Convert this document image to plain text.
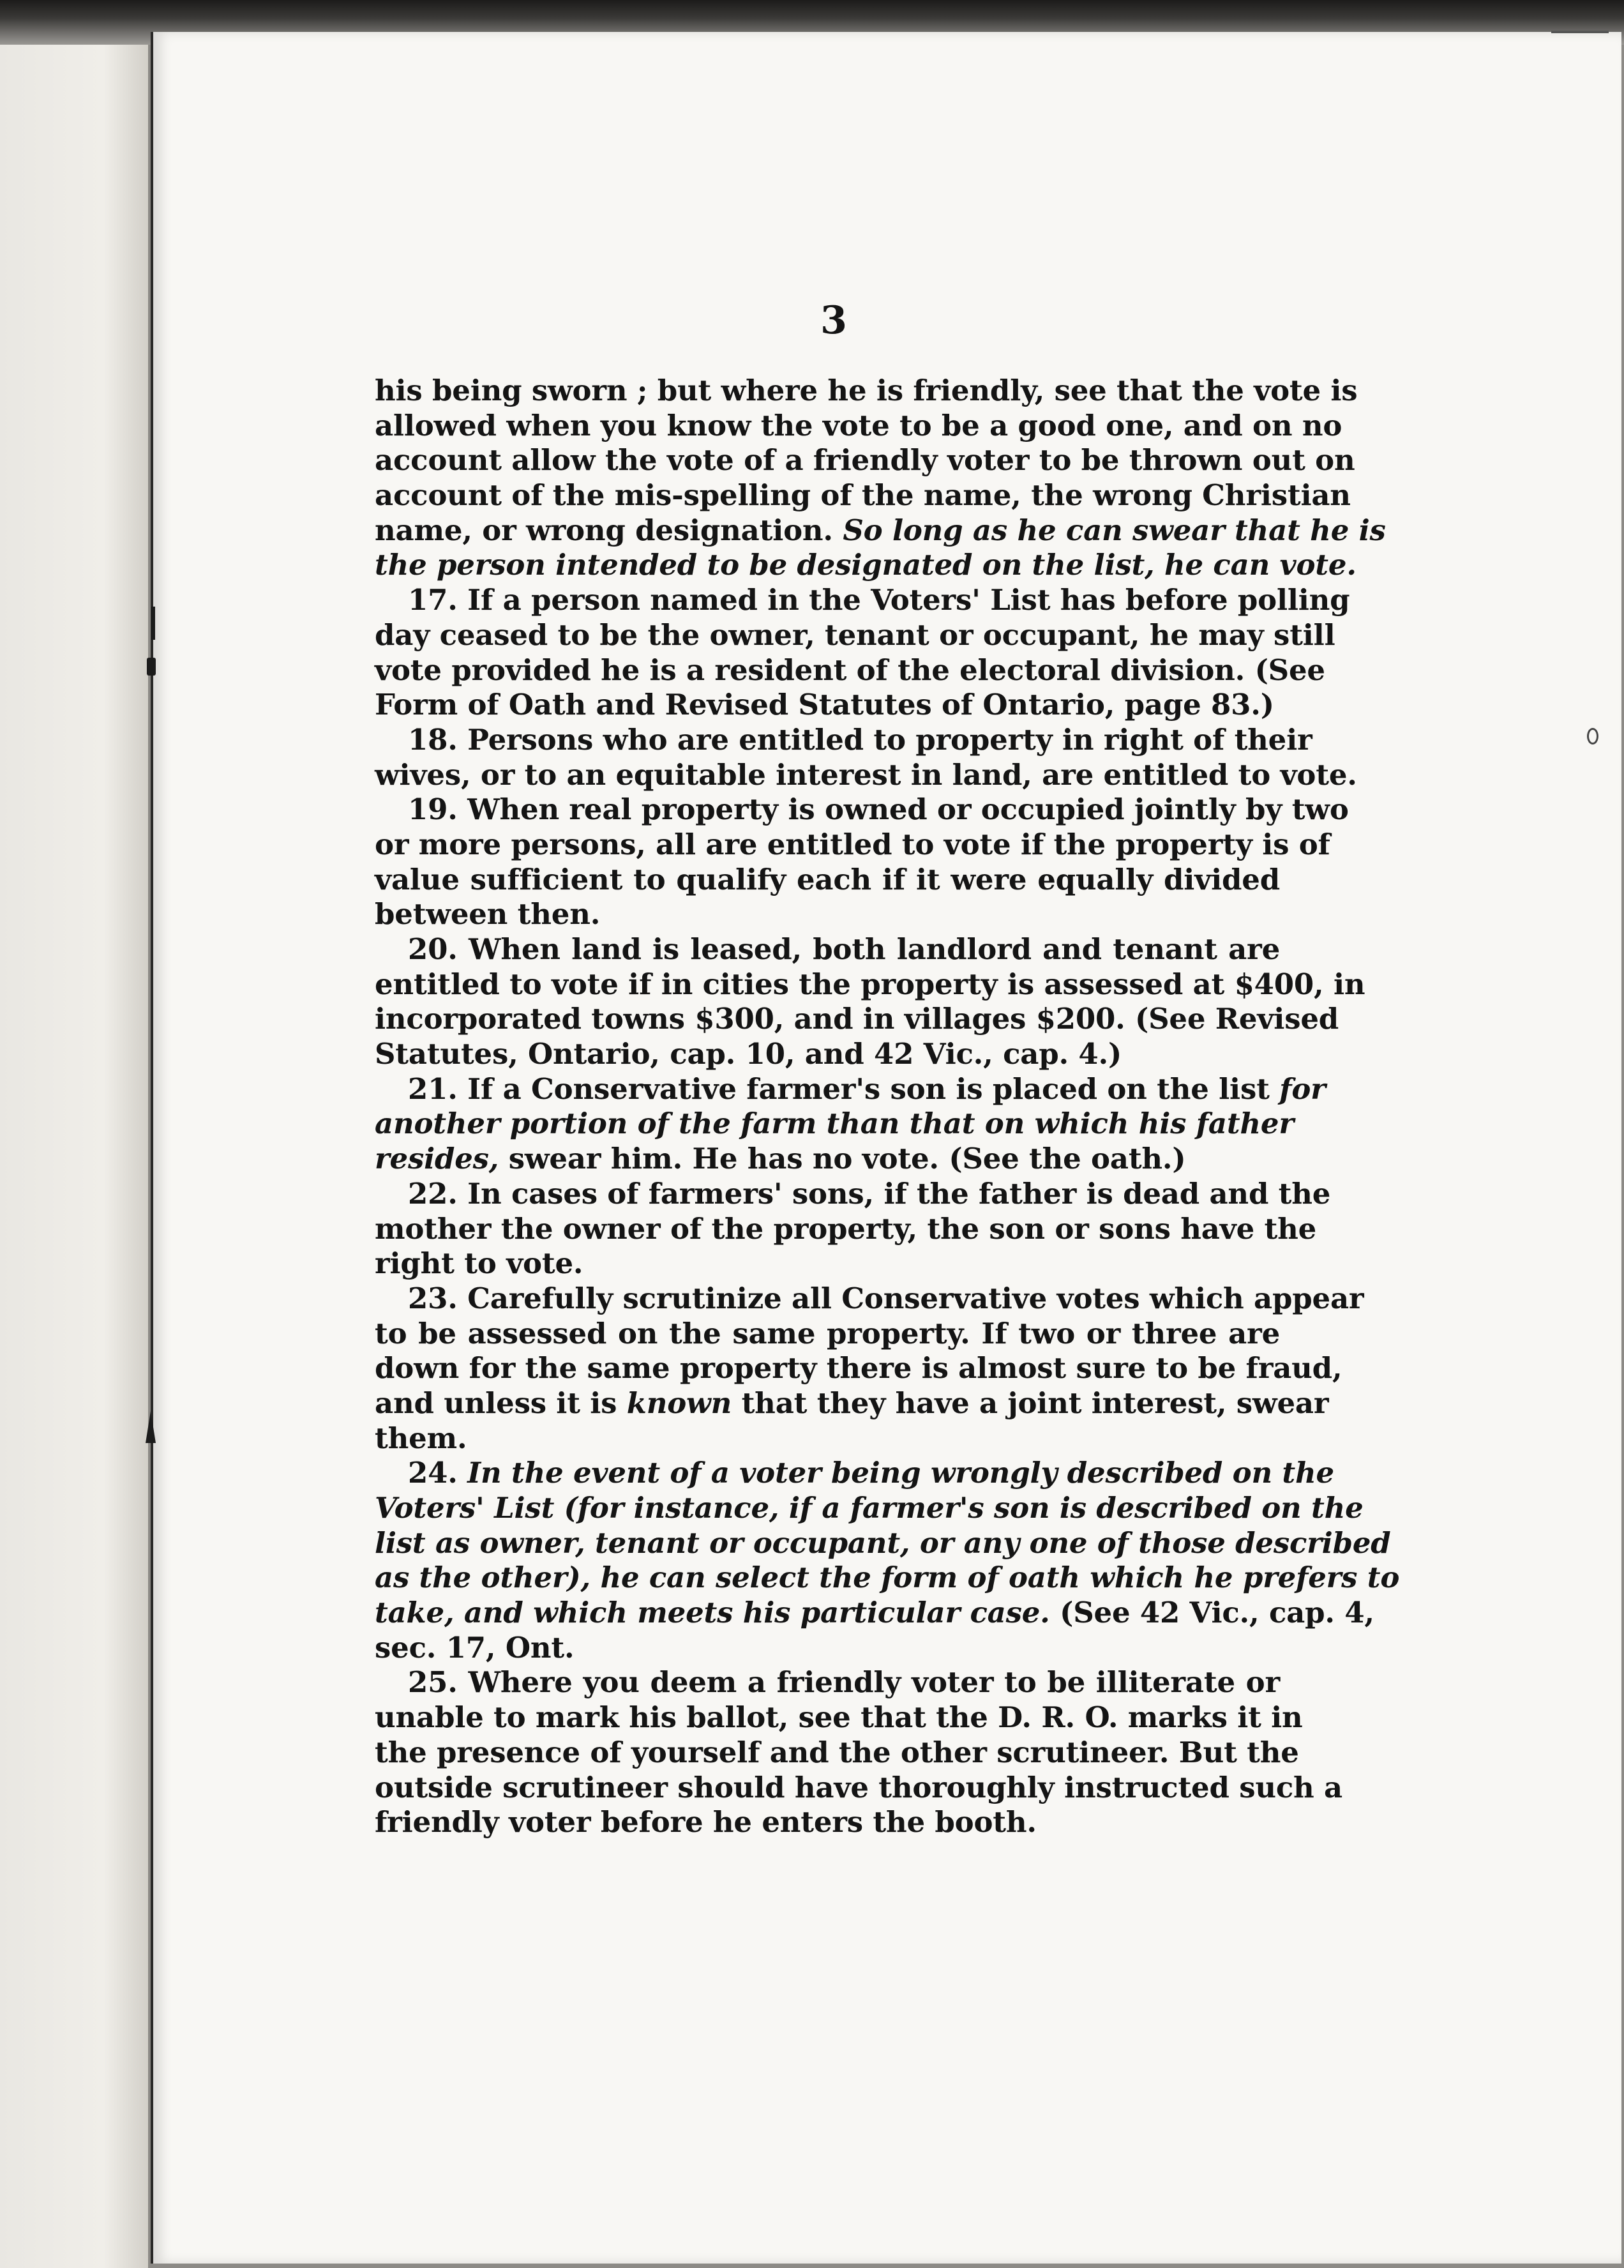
3
his being sworn ; but where he is friendly, see that the vote is
allowed when you know the vote to be a good one, and on no
account allow the vote of a friendly voter to be thrown out on
account of the mis-spelling of the name, the wrong Christian
name, or wrong designation. So long as he can swear that he is
the person intended to be designated on the list, he can vote.
17. If a person named in the Voters' List has before polling
day ceased to be the owner, tenant or occupant, he may still
vote provided he is a resident of the electoral division. (See
Form of Oath and Revised Statutes of Ontario, page 83.)
18. Persons who are entitled to property in right of their
wives, or to an equitable interest in land, are entitled to vote.
19. When real property is owned or occupied jointly by two
or more persons, all are entitled to vote if the property is of
value sufficient to qualify each if it were equally divided
between then.
20. When land is leased, both landlord and tenant are
entitled to vote if in cities the property is assessed at $400, in
incorporated towns $300, and in villages $200. (See Revised
Statutes, Ontario, cap. 10, and 42 Vic., cap. 4.)
21. If a Conservative farmer's son is placed on the list for
another portion of the farm than that on which his father
resides, swear him. He has no vote. (See the oath.)
22. In cases of farmers' sons, if the father is dead and the
mother the owner of the property, the son or sons have the
right to vote.
23. Carefully scrutinize all Conservative votes which appear
to be assessed on the same property. If two or three are
down for the same property there is almost sure to be fraud,
and unless it is known that they have a joint interest, swear
them.
24. In the event of a voter being wrongly described on the
Voters' List (for instance, if a farmer's son is described on the
list as owner, tenant or occupant, or any one of those described
as the other), he can select the form of oath which he prefers to
take, and which meets his particular case. (See 42 Vic., cap. 4,
sec. 17, Ont.
25. Where you deem a friendly voter to be illiterate or
unable to mark his ballot, see that the D. R. O. marks it in
the presence of yourself and the other scrutineer. But the
outside scrutineer should have thoroughly instructed such a
friendly voter before he enters the booth.
